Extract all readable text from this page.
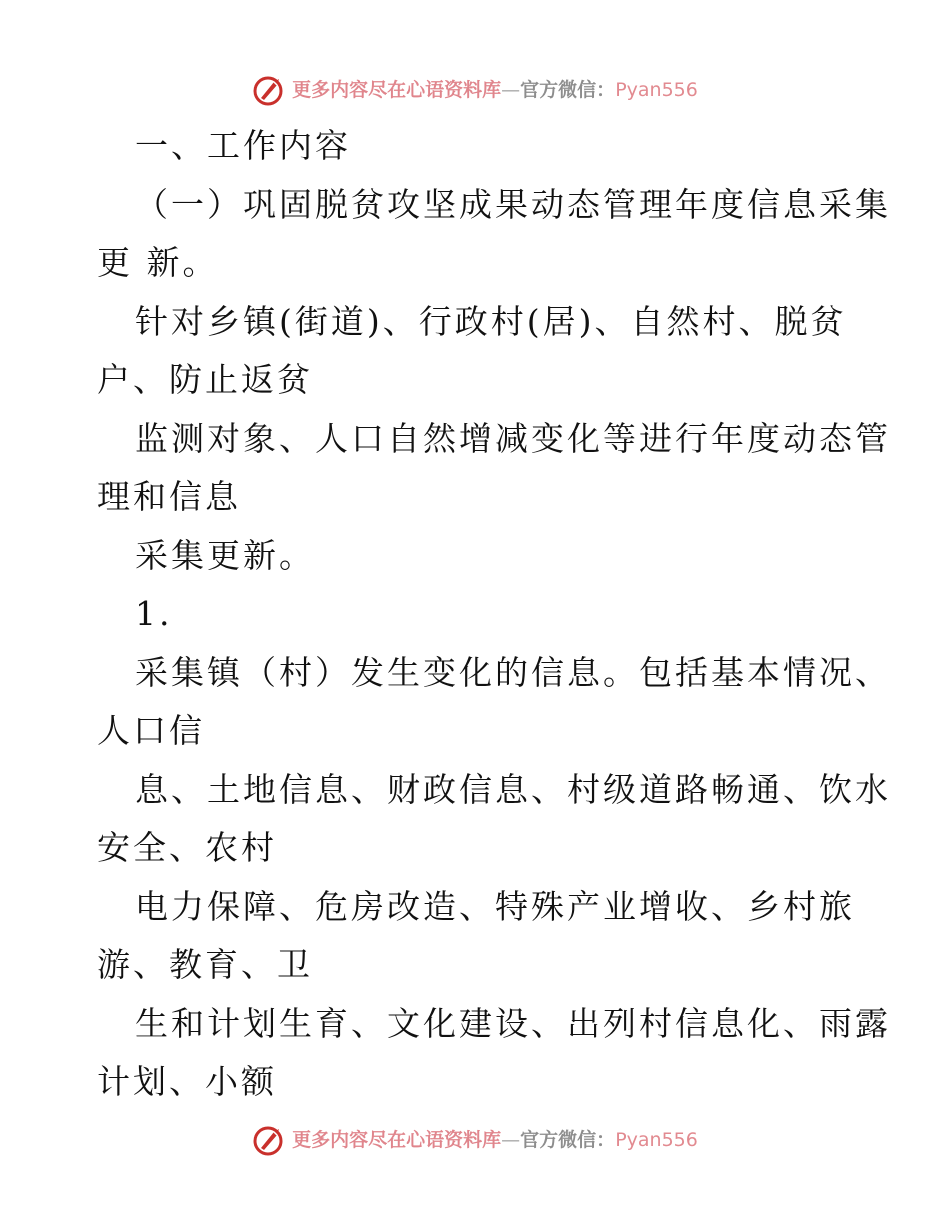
更多内容尽在心语资料库—官方微信：Pyan556
一、工作内容
（一）巩固脱贫攻坚成果动态管理年度信息采集
更 新。
针对乡镇(街道)、行政村(居)、自然村、脱贫
户、防止返贫
监测对象、人口自然增减变化等进行年度动态管
理和信息
采集更新。
1.
采集镇（村）发生变化的信息。包括基本情况、
人口信
息、土地信息、财政信息、村级道路畅通、饮水
安全、农村
电力保障、危房改造、特殊产业增收、乡村旅
游、教育、卫
生和计划生育、文化建设、出列村信息化、雨露
计划、小额
更多内容尽在心语资料库—官方微信：Pyan556
